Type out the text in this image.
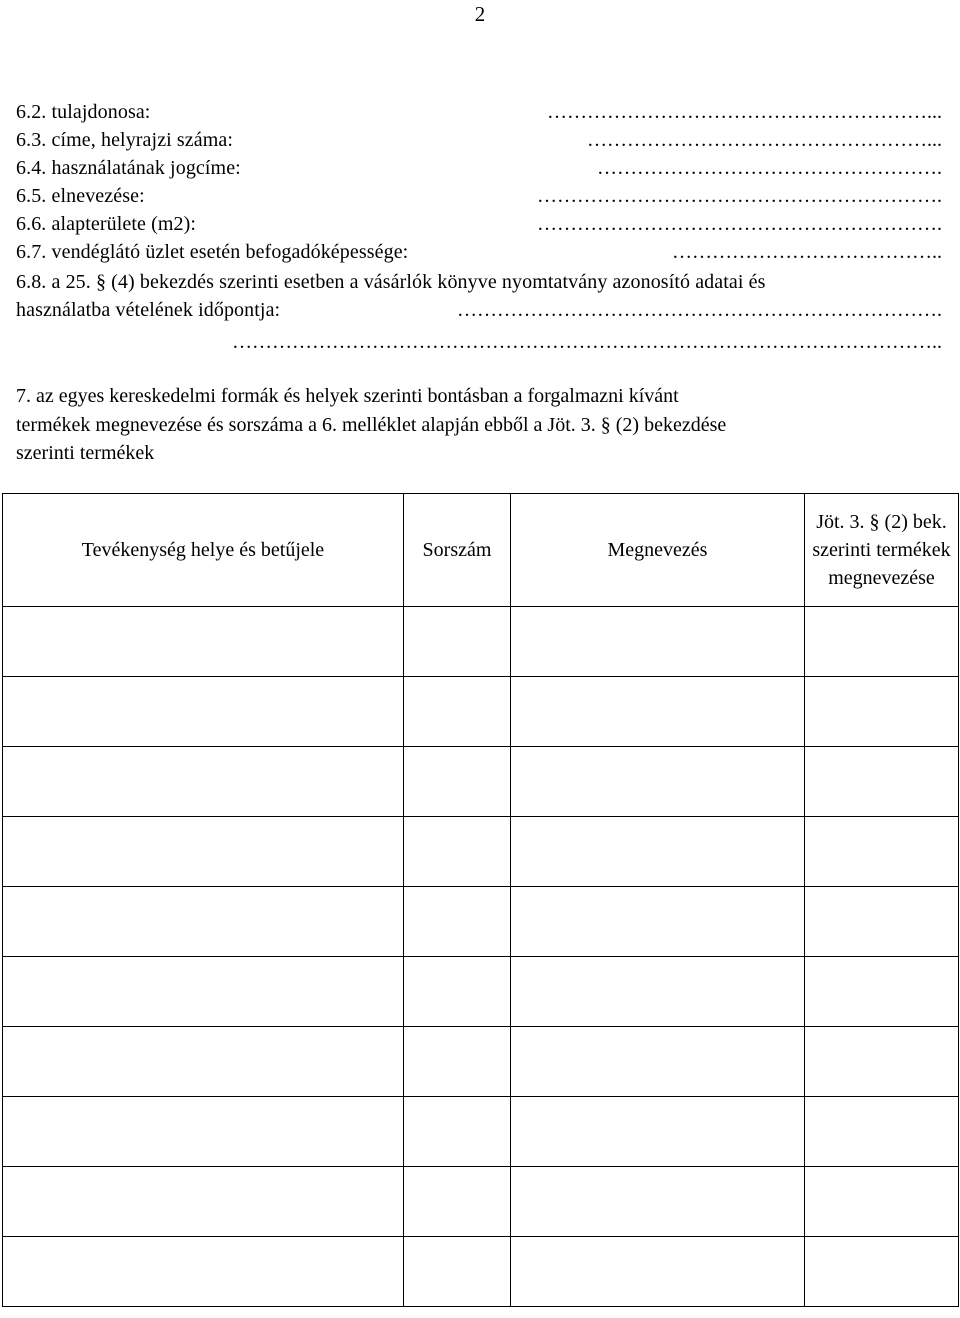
2
6.2. tulajdonosa:	…………………………………………………...
6.3. címe, helyrajzi száma:	……………………………………………...
6.4. használatának jogcíme:	…………………………………………….
6.5. elnevezése:	…………………………………………………….
6.6. alapterülete (m2):	…………………………………………………….
6.7. vendéglátó üzlet esetén befogadóképessége:	…………………………………..
6.8. a 25. § (4) bekezdés szerinti esetben a vásárlók könyve nyomtatvány azonosító adatai és
használatba vételének időpontja:	……………………………………………………………….
……………………………………………………………………………………………..
7. az egyes kereskedelmi formák és helyek szerinti bontásban a forgalmazni kívánt
termékek megnevezése és sorszáma a 6. melléklet alapján ebből a Jöt. 3. § (2) bekezdése
szerinti termékek
Tevékenység helye és betűjele	Sorszám	Megnevezés	Jöt. 3. § (2) bek. szerinti termékek megnevezése
